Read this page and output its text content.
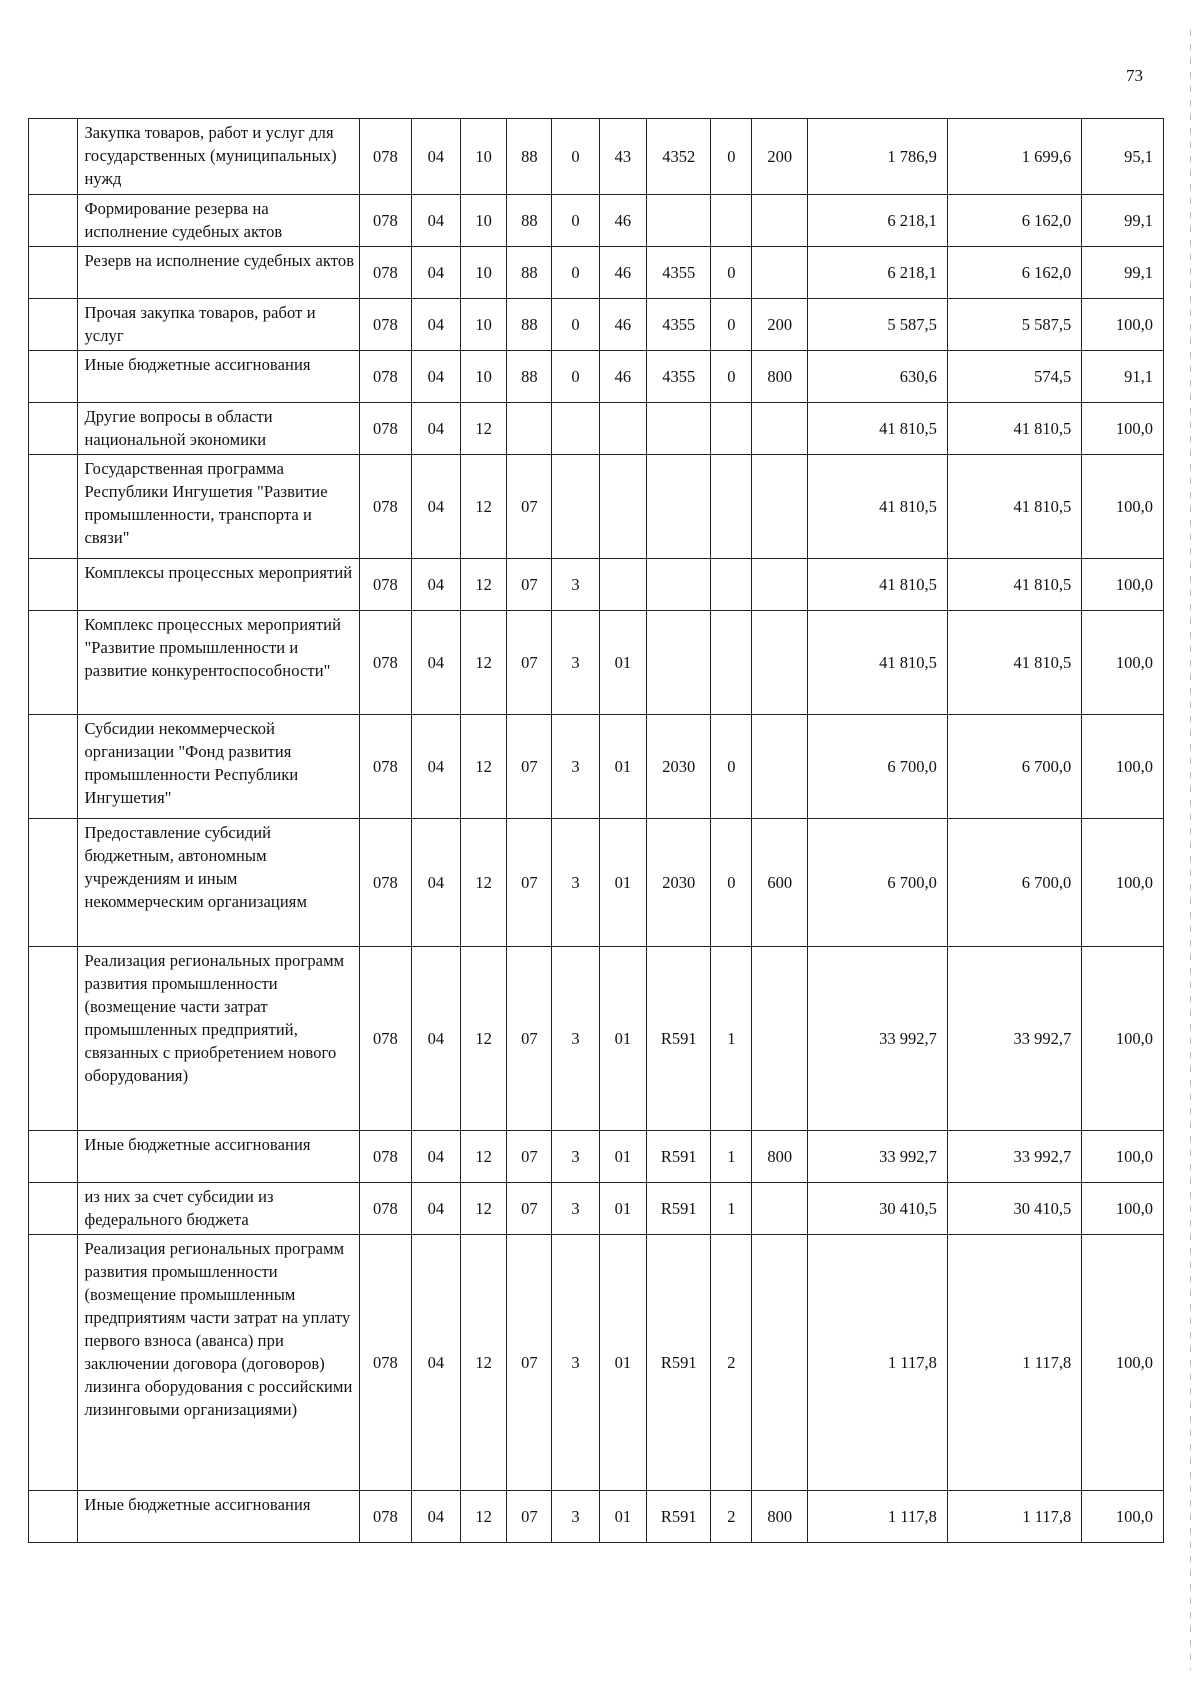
73
	Закупка товаров, работ и услуг для государственных (муниципальных) нужд	078	04	10	88	0	43	4352	0	200	1 786,9	1 699,6	95,1
	Формирование резерва на исполнение судебных актов	078	04	10	88	0	46				6 218,1	6 162,0	99,1
	Резерв на исполнение судебных актов	078	04	10	88	0	46	4355	0		6 218,1	6 162,0	99,1
	Прочая закупка товаров, работ и услуг	078	04	10	88	0	46	4355	0	200	5 587,5	5 587,5	100,0
	Иные бюджетные ассигнования	078	04	10	88	0	46	4355	0	800	630,6	574,5	91,1
	Другие вопросы в области национальной экономики	078	04	12							41 810,5	41 810,5	100,0
	Государственная программа Республики Ингушетия "Развитие промышленности, транспорта и связи"	078	04	12	07						41 810,5	41 810,5	100,0
	Комплексы процессных мероприятий	078	04	12	07	3					41 810,5	41 810,5	100,0
	Комплекс процессных мероприятий "Развитие промышленности и развитие конкурентоспособности"	078	04	12	07	3	01				41 810,5	41 810,5	100,0
	Субсидии некоммерческой организации "Фонд развития промышленности Республики Ингушетия"	078	04	12	07	3	01	2030	0		6 700,0	6 700,0	100,0
	Предоставление субсидий бюджетным, автономным учреждениям и иным некоммерческим организациям	078	04	12	07	3	01	2030	0	600	6 700,0	6 700,0	100,0
	Реализация региональных программ развития промышленности (возмещение части затрат промышленных предприятий, связанных с приобретением нового оборудования)	078	04	12	07	3	01	R591	1		33 992,7	33 992,7	100,0
	Иные бюджетные ассигнования	078	04	12	07	3	01	R591	1	800	33 992,7	33 992,7	100,0
	из них за счет субсидии из федерального бюджета	078	04	12	07	3	01	R591	1		30 410,5	30 410,5	100,0
	Реализация региональных программ развития промышленности (возмещение промышленным предприятиям части затрат на уплату первого взноса (аванса) при заключении договора (договоров) лизинга оборудования с российскими лизинговыми организациями)	078	04	12	07	3	01	R591	2		1 117,8	1 117,8	100,0
	Иные бюджетные ассигнования	078	04	12	07	3	01	R591	2	800	1 117,8	1 117,8	100,0
